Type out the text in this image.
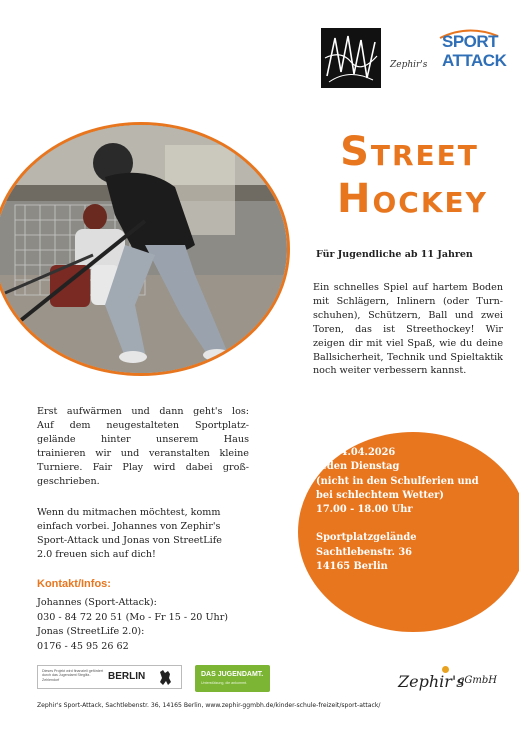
Zephir's
SPORT
ATTACK
Street
Hockey
Für Jugendliche ab 11 Jahren
Ein schnelles Spiel auf hartem Boden
mit Schlägern, Inlinern (oder Turn-
schuhen), Schützern, Ball und zwei
Toren, das ist Streethockey! Wir
zeigen dir mit viel Spaß, wie du deine
Ballsicherheit, Technik und Spieltaktik
noch weiter verbessern kannst.
Erst aufwärmen und dann geht's los:
Auf dem neugestalteten Sportplatz-
gelände hinter unserem Haus
trainieren wir und veranstalten kleine
Turniere. Fair Play wird dabei groß-
geschrieben.
Wenn du mitmachen möchtest, komm
einfach vorbei. Johannes von Zephir's
Sport-Attack und Jonas von StreetLife
2.0 freuen sich auf dich!
Ab 14.04.2026
Jeden Dienstag
(nicht in den Schulferien und
bei schlechtem Wetter)
17.00 - 18.00 Uhr
Sportplatzgelände
Sachtlebenstr. 36
14165 Berlin
Kontakt/Infos:
Johannes (Sport-Attack):
030 - 84 72 20 51 (Mo - Fr 15 - 20 Uhr)
Jonas (StreetLife 2.0):
0176 - 45 95 26 62
Dieses Projekt wird finanziell gefördert durch das Jugendamt Steglitz-Zehlendorf	BERLIN	DAS JUGENDAMT.
Unterstützung, die ankommt.	Zephir's
gGmbH
Zephir's Sport-Attack, Sachtlebenstr. 36, 14165 Berlin, www.zephir-ggmbh.de/kinder-schule-freizeit/sport-attack/
